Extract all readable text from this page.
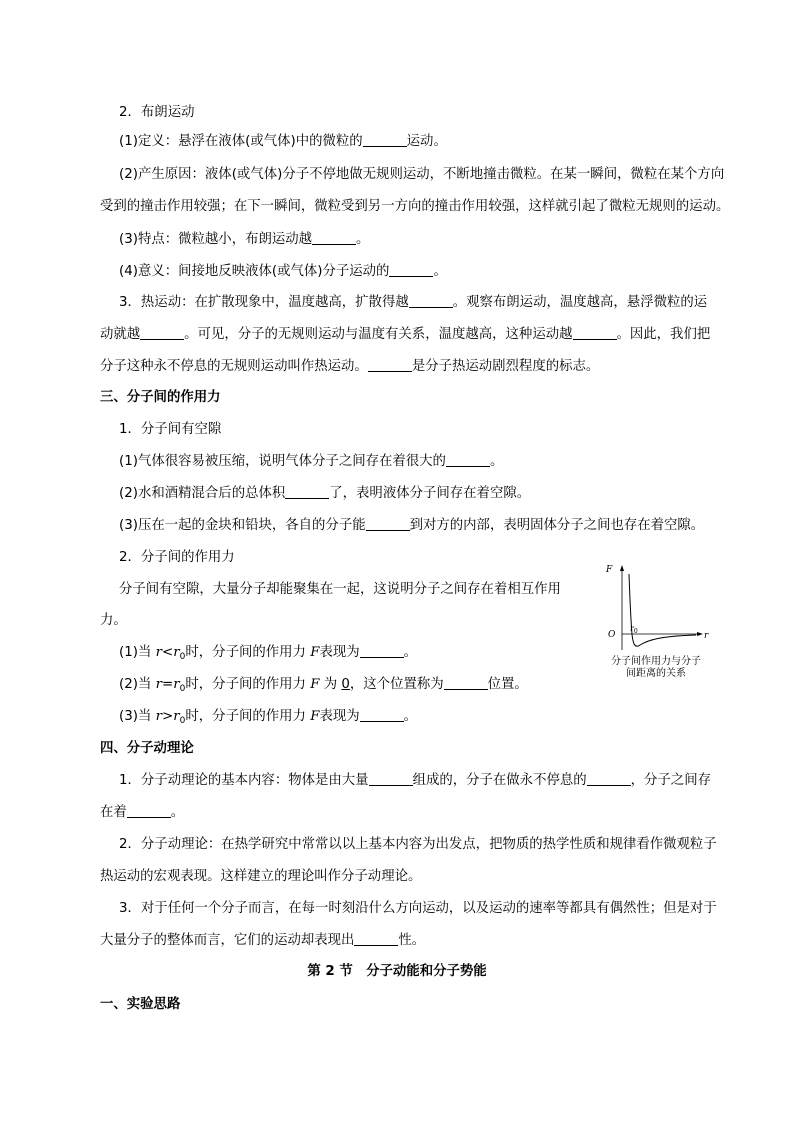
2．布朗运动
(1)定义：悬浮在液体(或气体)中的微粒的	运动。
(2)产生原因：液体(或气体)分子不停地做无规则运动，不断地撞击微粒。在某一瞬间，微粒在某个方向
受到的撞击作用较强；在下一瞬间，微粒受到另一方向的撞击作用较强，这样就引起了微粒无规则的运动。
(3)特点：微粒越小，布朗运动越	。
(4)意义：间接地反映液体(或气体)分子运动的	。
3．热运动：在扩散现象中，温度越高，扩散得越	。观察布朗运动，温度越高，悬浮微粒的运
动就越	。可见，分子的无规则运动与温度有关系，温度越高，这种运动越	。因此，我们把
分子这种永不停息的无规则运动叫作热运动。	是分子热运动剧烈程度的标志。
三、分子间的作用力
1．分子间有空隙
(1)气体很容易被压缩，说明气体分子之间存在着很大的	。
(2)水和酒精混合后的总体积	了，表明液体分子间存在着空隙。
(3)压在一起的金块和铅块，各自的分子能	到对方的内部，表明固体分子之间也存在着空隙。
2．分子间的作用力
分子间有空隙，大量分子却能聚集在一起，这说明分子之间存在着相互作用
力。
(1)当 $r<r_0$时，分子间的作用力 F表现为	。
(2)当 $r=r_0$时，分子间的作用力 F 为 0，这个位置称为	位置。
(3)当 $r>r_0$时，分子间的作用力 F表现为	。
F
r
O
$r_0$
分子间作用力与分子
间距离的关系
四、分子动理论
1．分子动理论的基本内容：物体是由大量	组成的，分子在做永不停息的	，分子之间存
在着	。
2．分子动理论：在热学研究中常常以以上基本内容为出发点，把物质的热学性质和规律看作微观粒子
热运动的宏观表现。这样建立的理论叫作分子动理论。
3．对于任何一个分子而言，在每一时刻沿什么方向运动，以及运动的速率等都具有偶然性；但是对于
大量分子的整体而言，它们的运动却表现出	性。
第 2 节　分子动能和分子势能
一、实验思路
